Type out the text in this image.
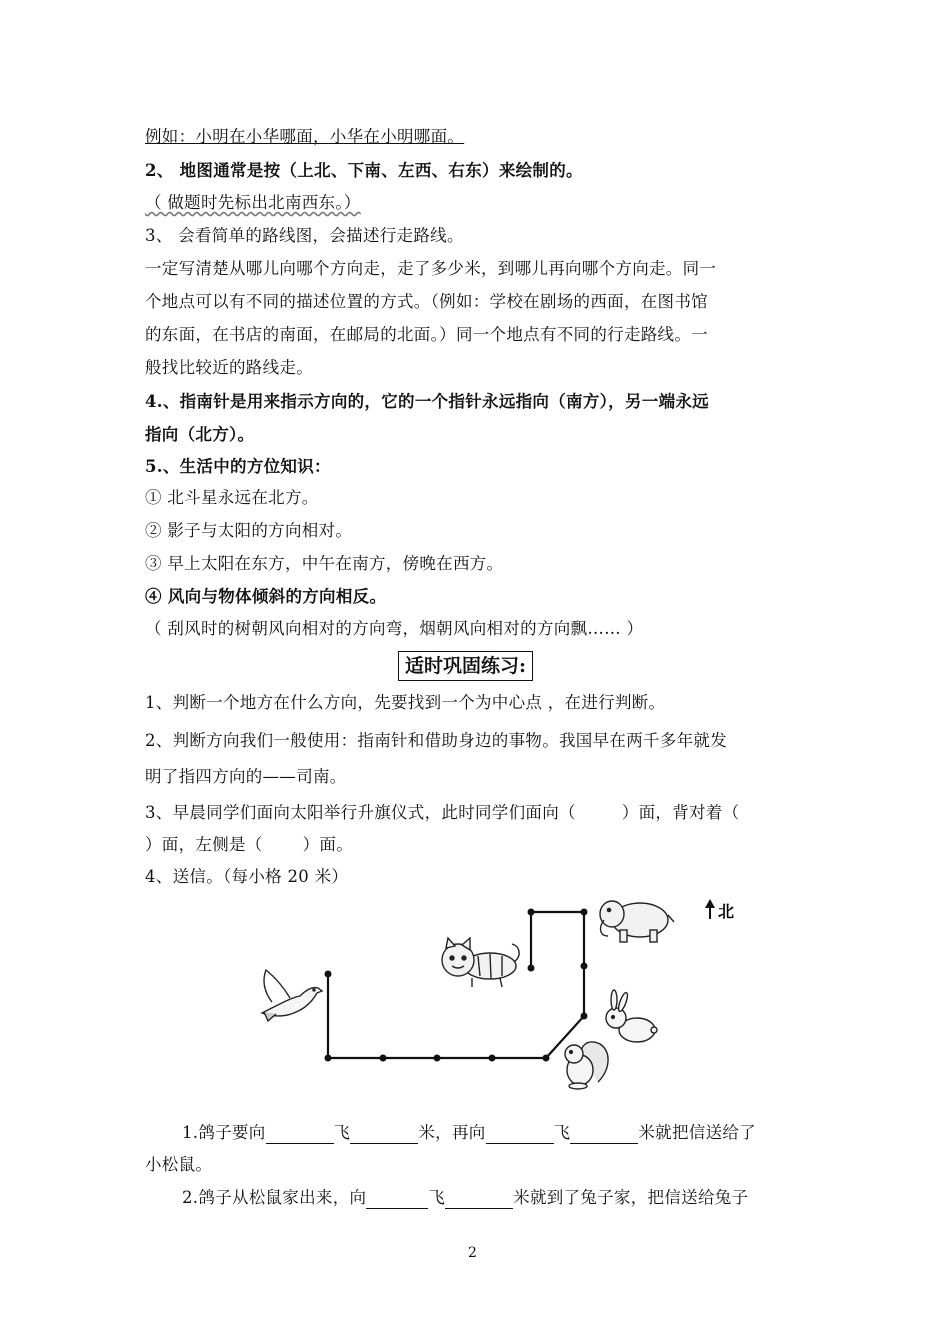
例如：小明在小华哪面，小华在小明哪面。
2、 地图通常是按（上北、下南、左西、右东）来绘制的。
（ 做题时先标出北南西东。）
3、 会看简单的路线图，会描述行走路线。
一定写清楚从哪儿向哪个方向走，走了多少米，到哪儿再向哪个方向走。同一
个地点可以有不同的描述位置的方式。（例如：学校在剧场的西面，在图书馆
的东面，在书店的南面，在邮局的北面。）同一个地点有不同的行走路线。一
般找比较近的路线走。
4.、指南针是用来指示方向的，它的一个指针永远指向（南方），另一端永远
指向（北方）。
5.、生活中的方位知识：
① 北斗星永远在北方。
② 影子与太阳的方向相对。
③ 早上太阳在东方，中午在南方，傍晚在西方。
④ 风向与物体倾斜的方向相反。
（ 刮风时的树朝风向相对的方向弯，烟朝风向相对的方向飘…… ）
适时巩固练习:
1、判断一个地方在什么方向，先要找到一个为中心点 ，在进行判断。
2、判断方向我们一般使用：指南针和借助身边的事物。我国早在两千多年就发
明了指四方向的——司南。
3、早晨同学们面向太阳举行升旗仪式，此时同学们面向（	）面，背对着（
）面，左侧是（ ）面。
4、送信。（每小格 20 米）
北
1.鸽子要向	飞	米，再向	飞	米就把信送给了
小松鼠。
2.鸽子从松鼠家出来，向	飞	米就到了兔子家，把信送给兔子
2
